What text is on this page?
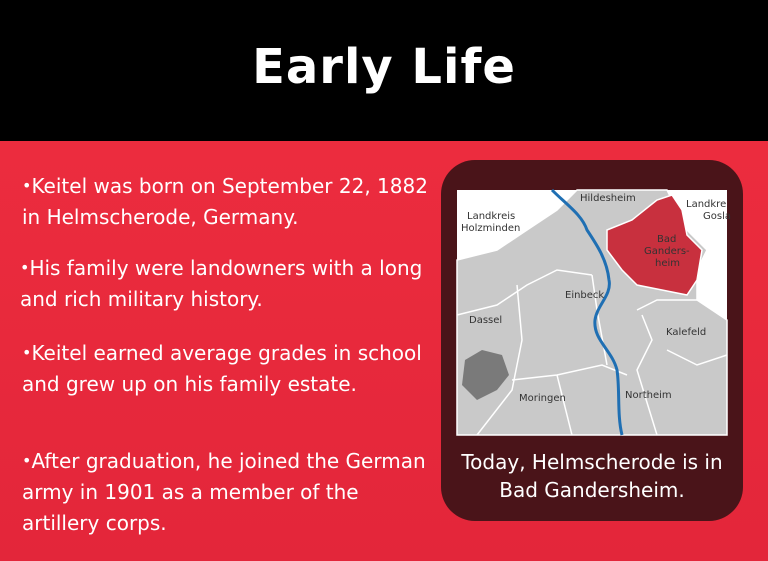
Early Life
•Keitel was born on September 22, 1882 in Helmscherode, Germany.
•His family were landowners with a long and rich military history.
•Keitel earned average grades in school and grew up on his family estate.
•After graduation, he joined the German army in 1901 as a member of the artillery corps.
Hildesheim
Landkreis
Holzminden
Landkre
Gosla
Bad
Ganders-
heim
Einbeck
Dassel
Kalefeld
Moringen	Northeim
Today, Helmscherode is in
Bad Gandersheim.
